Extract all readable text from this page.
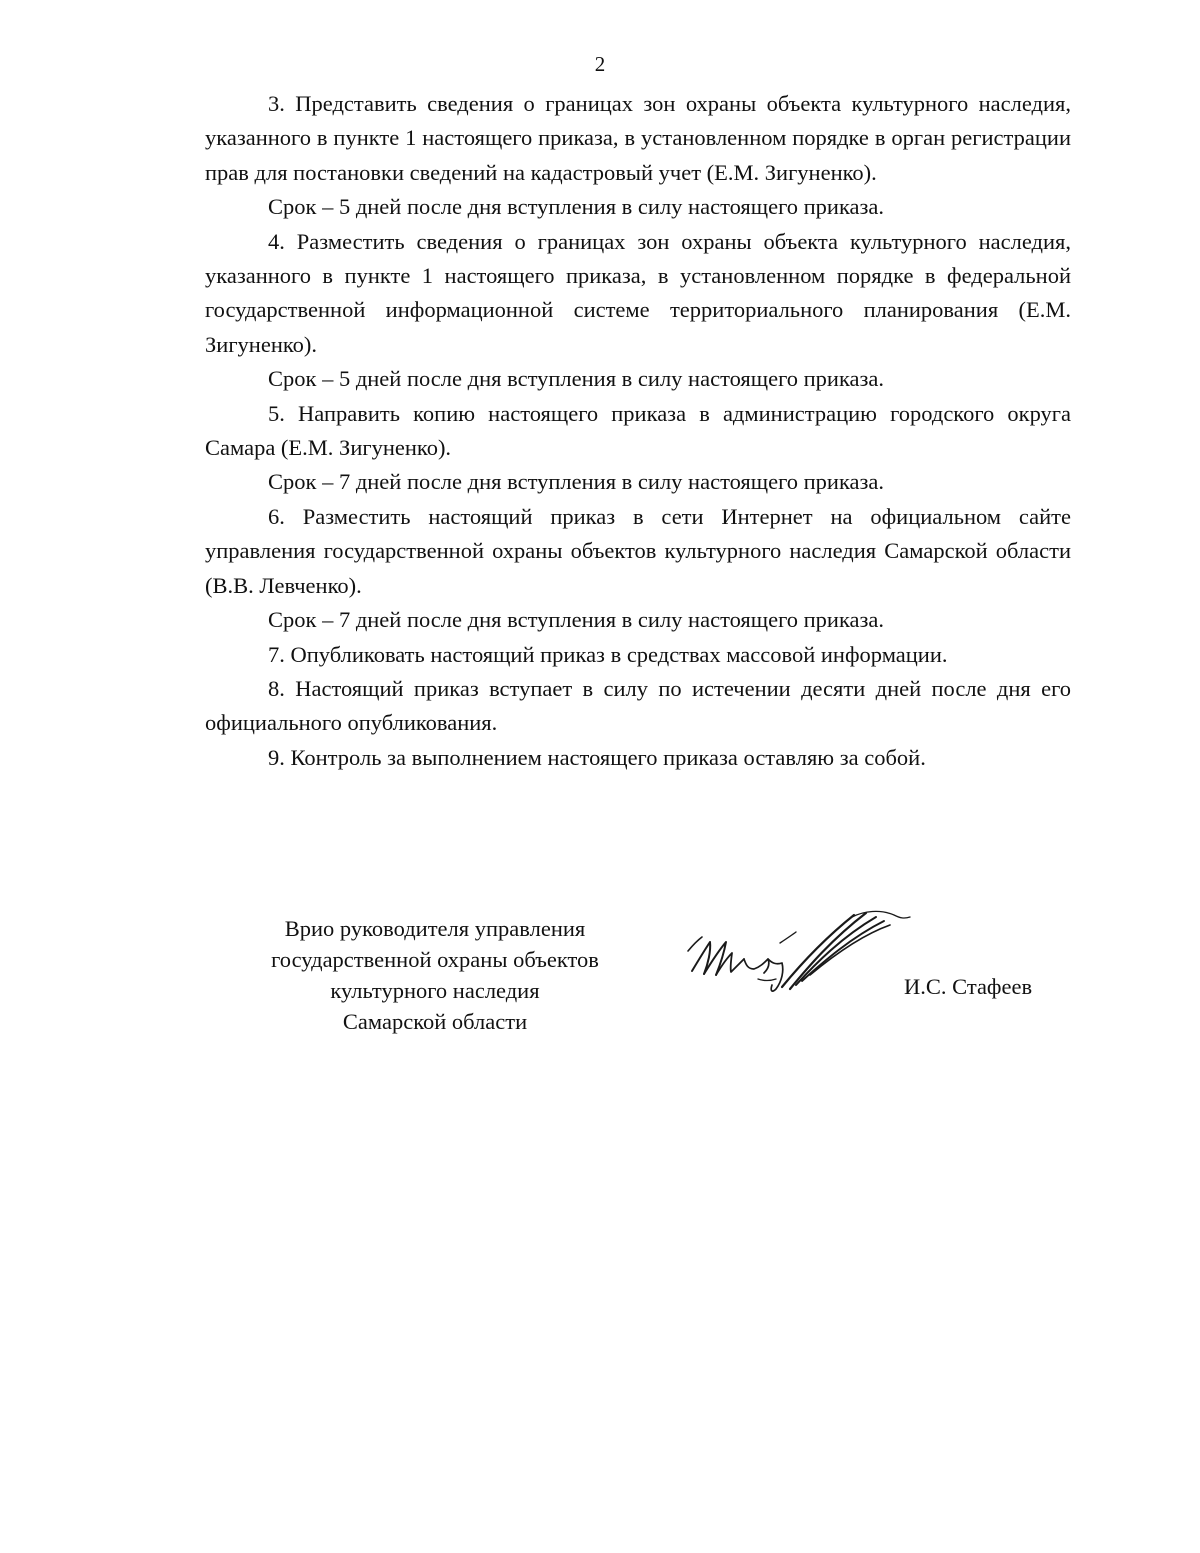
2

3. Представить сведения о границах зон охраны объекта культурного наследия, указанного в пункте 1 настоящего приказа, в установленном порядке в орган регистрации прав для постановки сведений на кадастровый учет (Е.М. Зигуненко).

Срок – 5 дней после дня вступления в силу настоящего приказа.

4. Разместить сведения о границах зон охраны объекта культурного наследия, указанного в пункте 1 настоящего приказа, в установленном порядке в федеральной государственной информационной системе территориального планирования (Е.М. Зигуненко).

Срок – 5 дней после дня вступления в силу настоящего приказа.

5. Направить копию настоящего приказа в администрацию городского округа Самара (Е.М. Зигуненко).

Срок – 7 дней после дня вступления в силу настоящего приказа.

6. Разместить настоящий приказ в сети Интернет на официальном сайте управления государственной охраны объектов культурного наследия Самарской области (В.В. Левченко).

Срок – 7 дней после дня вступления в силу настоящего приказа.

7. Опубликовать настоящий приказ в средствах массовой информации.

8. Настоящий приказ вступает в силу по истечении десяти дней после дня его официального опубликования.

9. Контроль за выполнением настоящего приказа оставляю за собой.

Врио руководителя управления
государственной охраны объектов
культурного наследия
Самарской области
И.С. Стафеев
